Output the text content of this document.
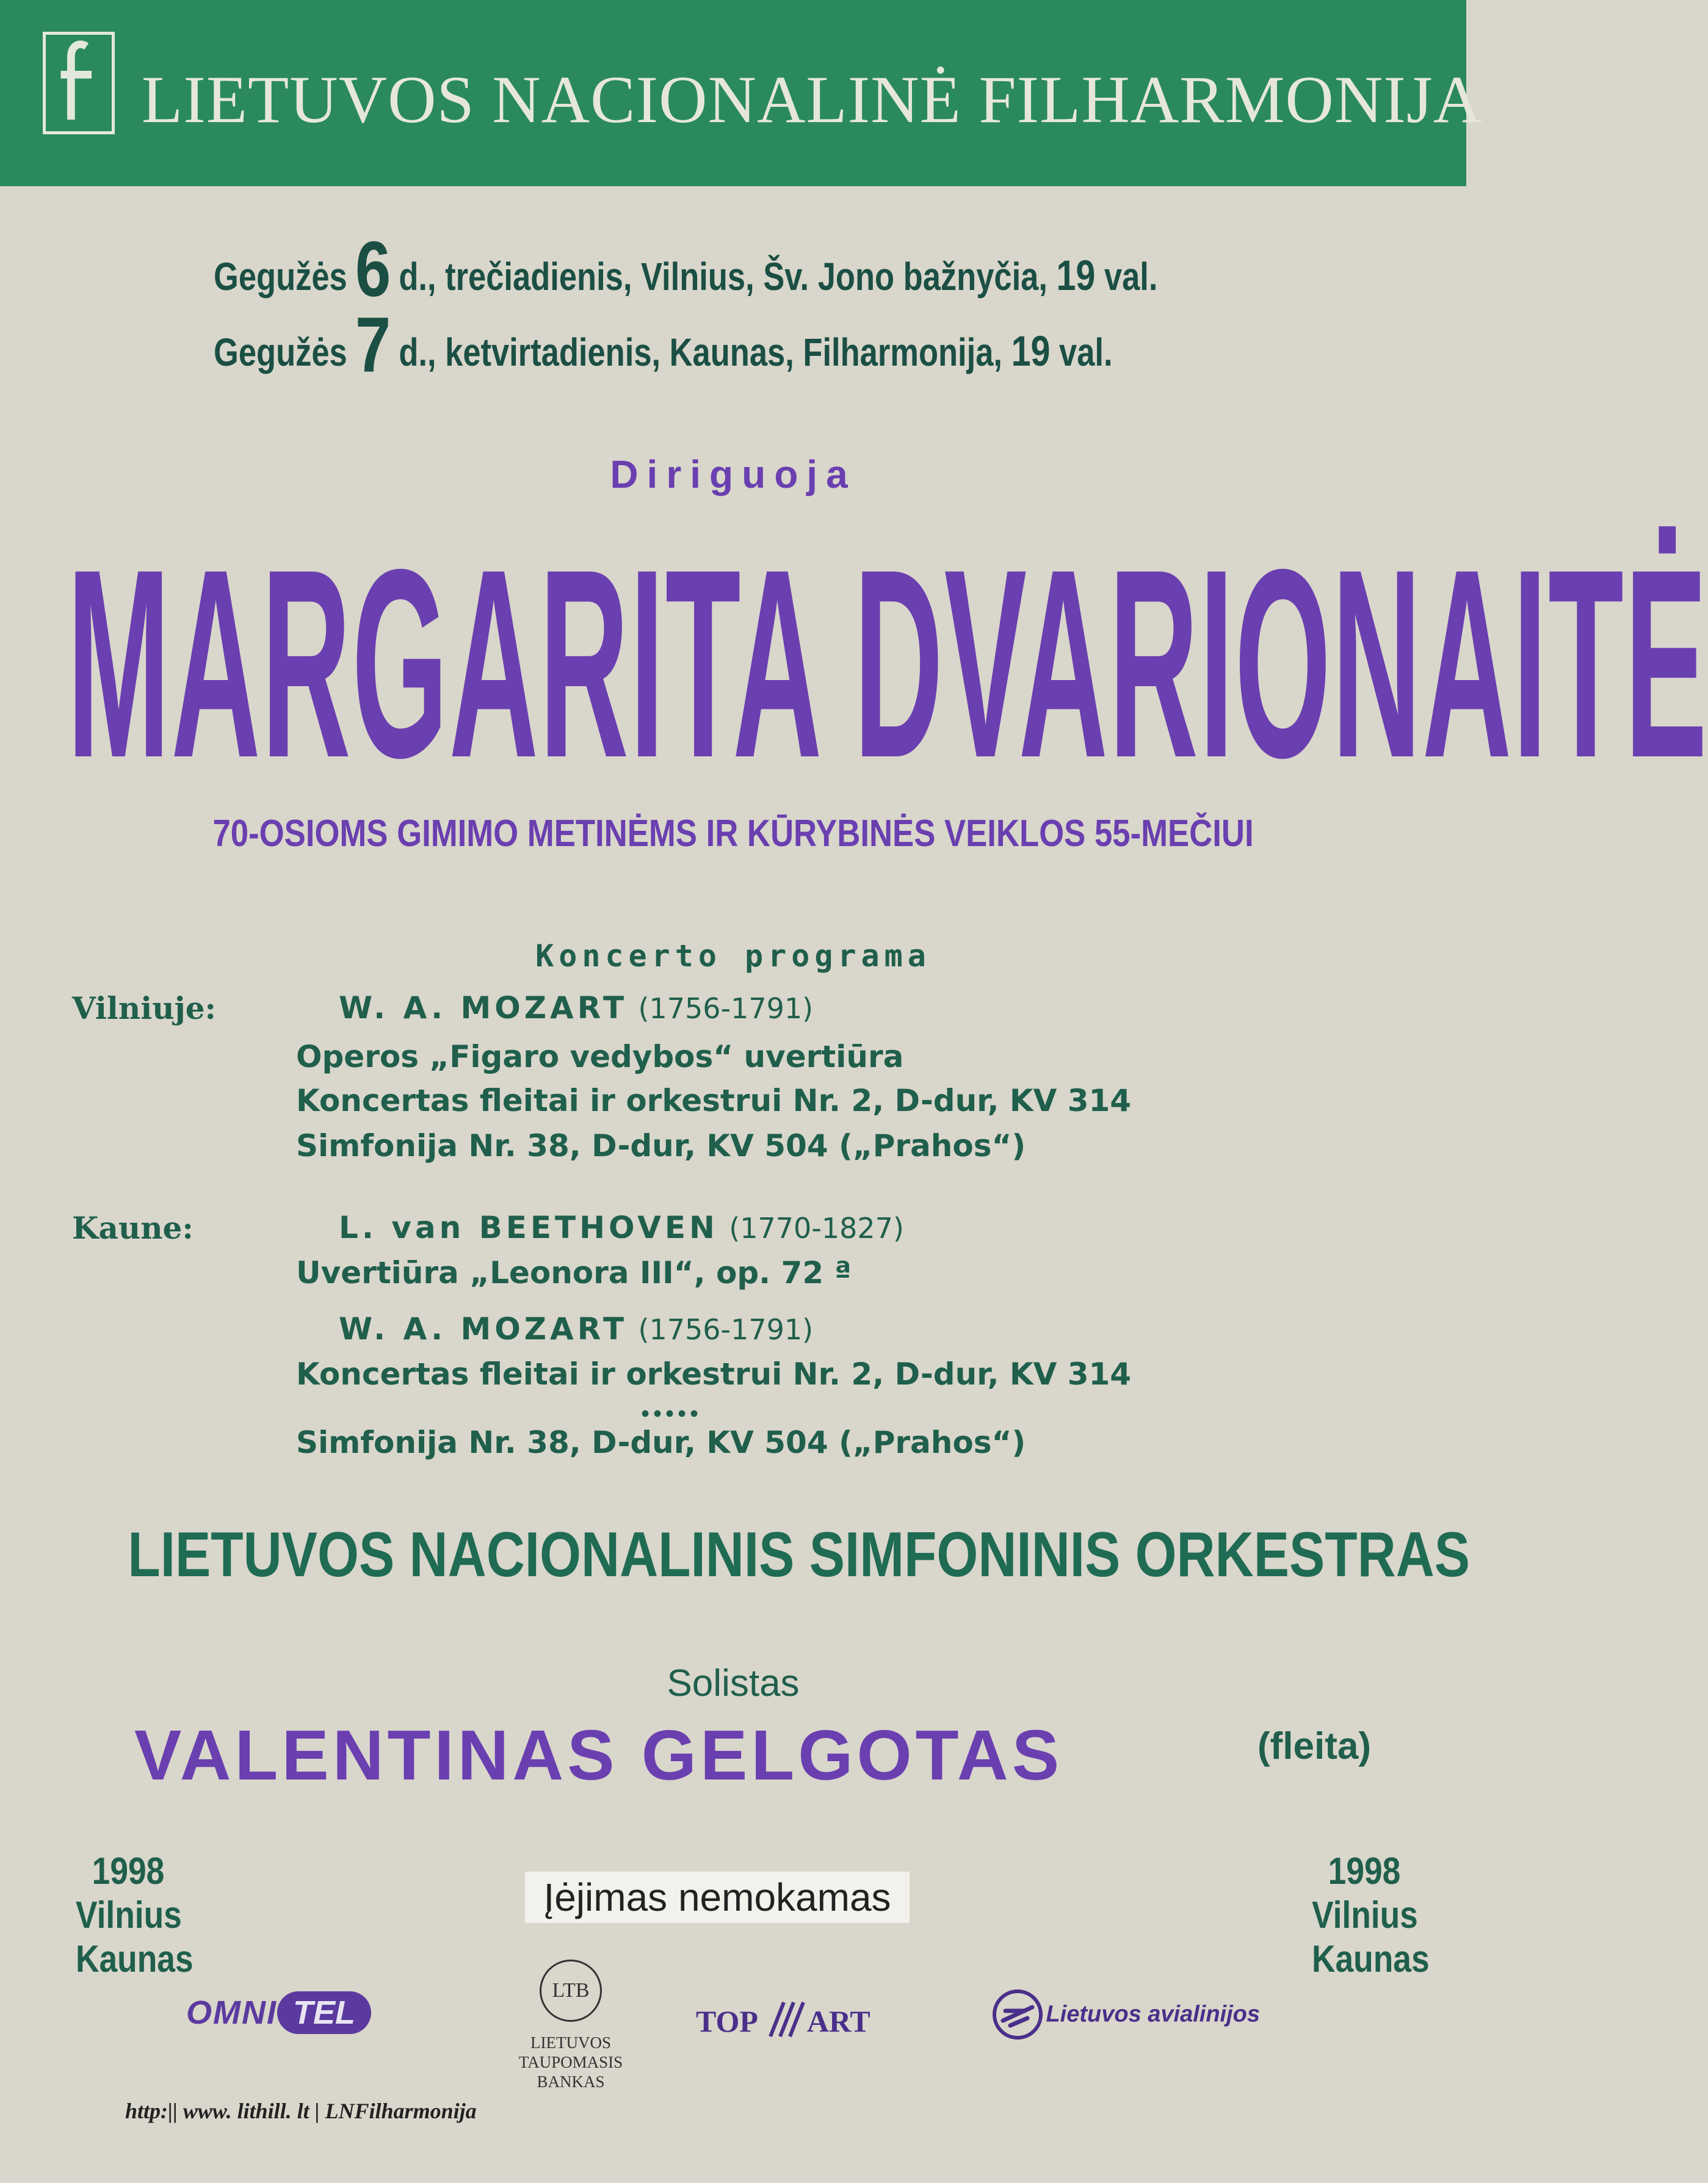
LIETUVOS NACIONALINĖ FILHARMONIJA
Gegužės 6 d., trečiadienis, Vilnius, Šv. Jono bažnyčia, 19 val.
Gegužės 7 d., ketvirtadienis, Kaunas, Filharmonija, 19 val.
Diriguoja
MARGARITA DVARIONAITĖ
70-OSIOMS GIMIMO METINĖMS IR KŪRYBINĖS VEIKLOS 55-MEČIUI
Koncerto programa
Vilniuje:	W. A. MOZART (1756-1791)
Operos „Figaro vedybos“ uvertiūra
Koncertas fleitai ir orkestrui Nr. 2, D-dur, KV 314
Simfonija Nr. 38, D-dur, KV 504 („Prahos“)
Kaune:	L. van BEETHOVEN (1770-1827)
Uvertiūra „Leonora III“, op. 72 ª
W. A. MOZART (1756-1791)
Koncertas fleitai ir orkestrui Nr. 2, D-dur, KV 314
•••••
Simfonija Nr. 38, D-dur, KV 504 („Prahos“)
LIETUVOS NACIONALINIS SIMFONINIS ORKESTRAS
Solistas
VALENTINAS GELGOTAS	(fleita)
1998
Vilnius
Kaunas
1998
Vilnius
Kaunas
Įėjimas nemokamas
OMNI TEL
LTB
LIETUVOS
TAUPOMASIS
BANKAS
TOP ART	Lietuvos avialinijos
http:|| www. lithill. lt | LNFilharmonija
